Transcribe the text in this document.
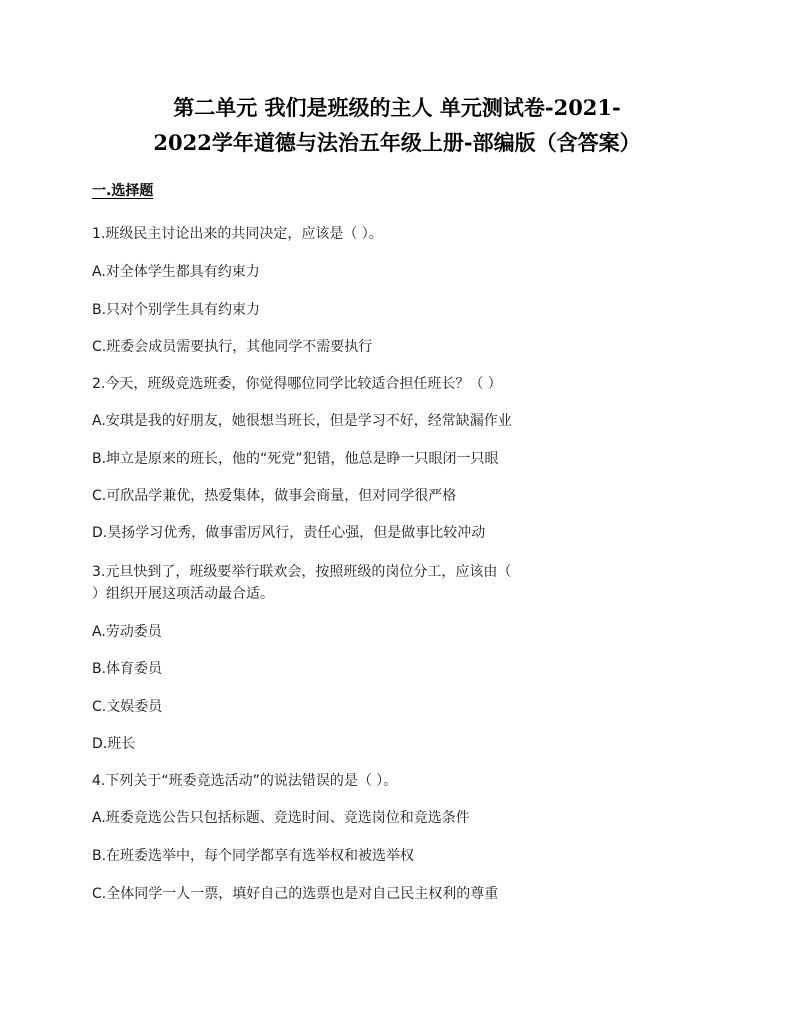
第二单元 我们是班级的主人 单元测试卷-2021-
2022学年道德与法治五年级上册-部编版（含答案）
一.选择题
1.班级民主讨论出来的共同决定，应该是（ ）。
A.对全体学生都具有约束力
B.只对个别学生具有约束力
C.班委会成员需要执行，其他同学不需要执行
2.今天，班级竞选班委，你觉得哪位同学比较适合担任班长？（ ）
A.安琪是我的好朋友，她很想当班长，但是学习不好，经常缺漏作业
B.坤立是原来的班长，他的“死党”犯错，他总是睁一只眼闭一只眼
C.可欣品学兼优，热爱集体，做事会商量，但对同学很严格
D.昊扬学习优秀，做事雷厉风行，责任心强，但是做事比较冲动
3.元旦快到了，班级要举行联欢会，按照班级的岗位分工，应该由（
）组织开展这项活动最合适。
A.劳动委员
B.体育委员
C.文娱委员
D.班长
4.下列关于“班委竞选活动”的说法错误的是（ ）。
A.班委竞选公告只包括标题、竞选时间、竞选岗位和竞选条件
B.在班委选举中，每个同学都享有选举权和被选举权
C.全体同学一人一票，填好自己的选票也是对自己民主权利的尊重
